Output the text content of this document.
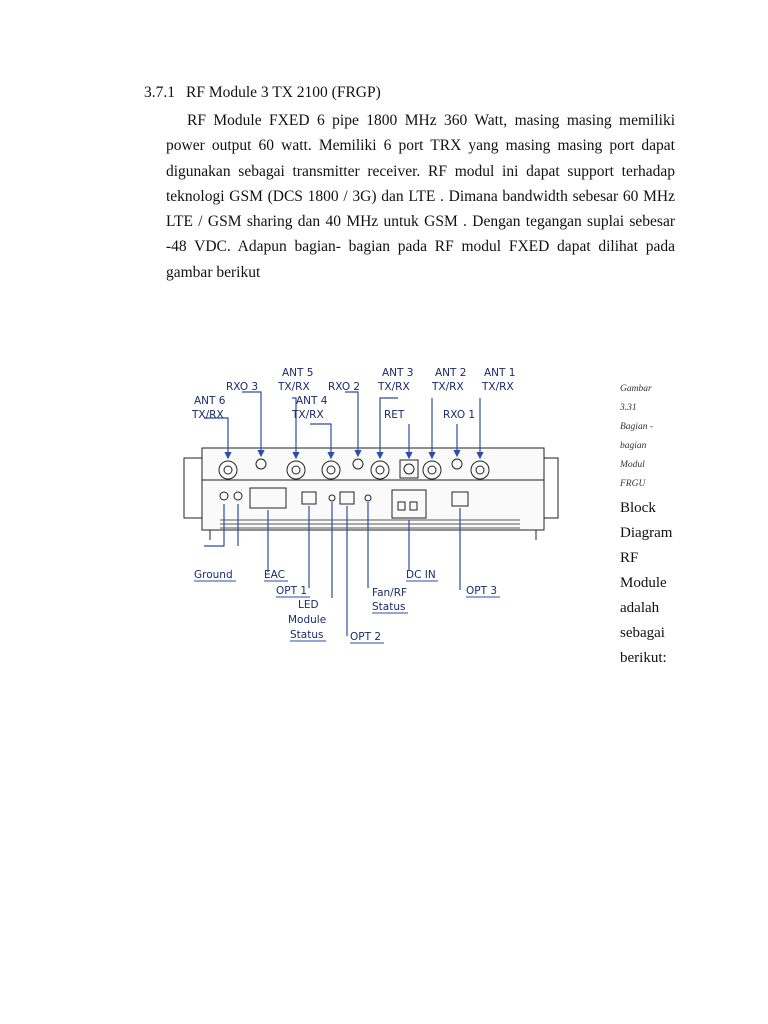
3.7.1 RF Module 3 TX 2100 (FRGP)
RF Module FXED 6 pipe 1800 MHz 360 Watt, masing masing memiliki power output 60 watt. Memiliki 6 port TRX yang masing masing port dapat digunakan sebagai transmitter receiver. RF modul ini dapat support terhadap teknologi GSM (DCS 1800 / 3G) dan LTE . Dimana bandwidth sebesar 60 MHz LTE / GSM sharing dan 40 MHz untuk GSM . Dengan tegangan suplai sebesar -48 VDC. Adapun bagian- bagian pada RF modul FXED dapat dilihat pada gambar berikut
RXO 3
ANT 5
TX/RX RXO 2
ANT 3
TX/RX
ANT 2
TX/RX
ANT 1
TX/RX
ANT 6
TX/RX
ANT 4
TX/RX	RET	RXO 1
Ground	EAC
OPT 1
LED
Module
Status	OPT 2
Fan/RF
Status
DC IN
OPT 3
Gambar
3.31
Bagian -
bagian
Modul
FRGU
Block
Diagram
RF
Module
adalah
sebagai
berikut:
